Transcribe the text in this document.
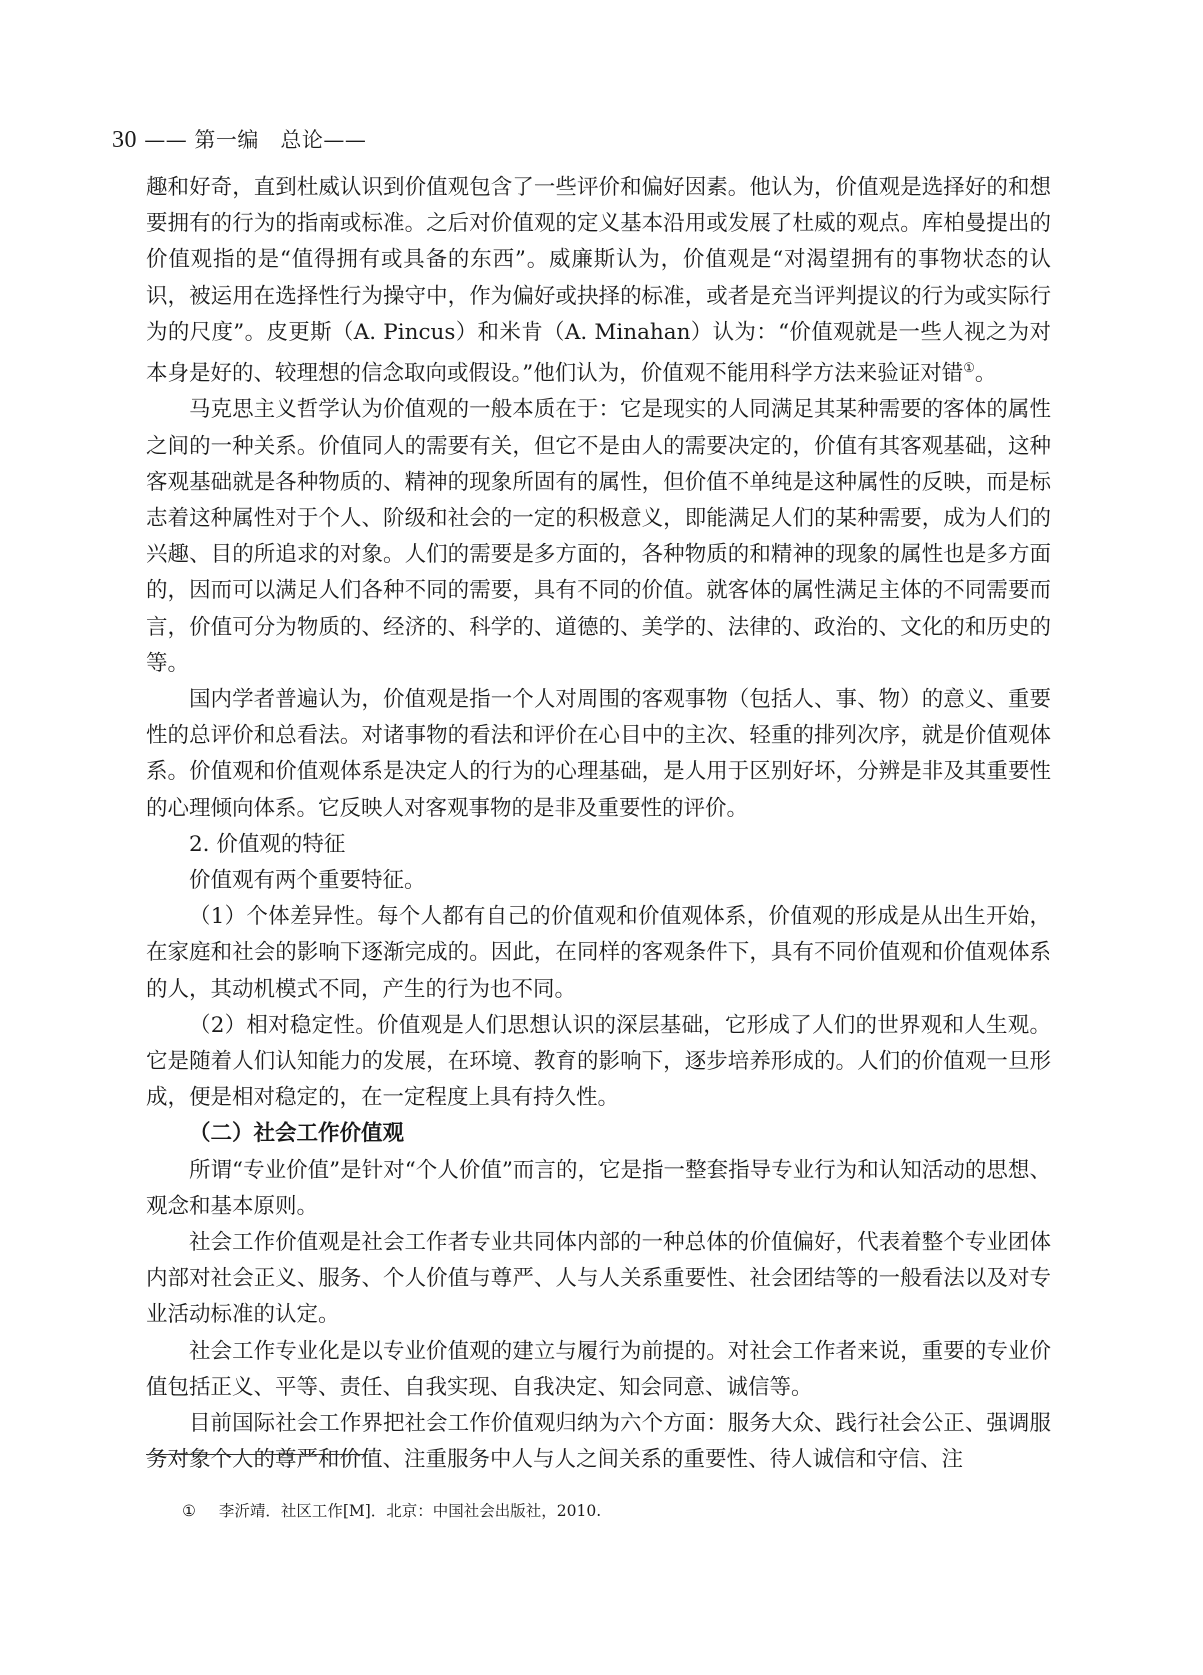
30 —— 第一编　总论——

趣和好奇，直到杜威认识到价值观包含了一些评价和偏好因素。他认为，价值观是选择好的和想要拥有的行为的指南或标准。之后对价值观的定义基本沿用或发展了杜威的观点。库柏曼提出的价值观指的是“值得拥有或具备的东西”。威廉斯认为，价值观是“对渴望拥有的事物状态的认识，被运用在选择性行为操守中，作为偏好或抉择的标准，或者是充当评判提议的行为或实际行为的尺度”。皮更斯（A. Pincus）和米肯（A. Minahan）认为：“价值观就是一些人视之为对本身是好的、较理想的信念取向或假设。”他们认为，价值观不能用科学方法来验证对错①。

马克思主义哲学认为价值观的一般本质在于：它是现实的人同满足其某种需要的客体的属性之间的一种关系。价值同人的需要有关，但它不是由人的需要决定的，价值有其客观基础，这种客观基础就是各种物质的、精神的现象所固有的属性，但价值不单纯是这种属性的反映，而是标志着这种属性对于个人、阶级和社会的一定的积极意义，即能满足人们的某种需要，成为人们的兴趣、目的所追求的对象。人们的需要是多方面的，各种物质的和精神的现象的属性也是多方面的，因而可以满足人们各种不同的需要，具有不同的价值。就客体的属性满足主体的不同需要而言，价值可分为物质的、经济的、科学的、道德的、美学的、法律的、政治的、文化的和历史的等。

国内学者普遍认为，价值观是指一个人对周围的客观事物（包括人、事、物）的意义、重要性的总评价和总看法。对诸事物的看法和评价在心目中的主次、轻重的排列次序，就是价值观体系。价值观和价值观体系是决定人的行为的心理基础，是人用于区别好坏，分辨是非及其重要性的心理倾向体系。它反映人对客观事物的是非及重要性的评价。

2. 价值观的特征

价值观有两个重要特征。

（1）个体差异性。每个人都有自己的价值观和价值观体系，价值观的形成是从出生开始，在家庭和社会的影响下逐渐完成的。因此，在同样的客观条件下，具有不同价值观和价值观体系的人，其动机模式不同，产生的行为也不同。

（2）相对稳定性。价值观是人们思想认识的深层基础，它形成了人们的世界观和人生观。它是随着人们认知能力的发展，在环境、教育的影响下，逐步培养形成的。人们的价值观一旦形成，便是相对稳定的，在一定程度上具有持久性。

（二）社会工作价值观

所谓“专业价值”是针对“个人价值”而言的，它是指一整套指导专业行为和认知活动的思想、观念和基本原则。

社会工作价值观是社会工作者专业共同体内部的一种总体的价值偏好，代表着整个专业团体内部对社会正义、服务、个人价值与尊严、人与人关系重要性、社会团结等的一般看法以及对专业活动标准的认定。

社会工作专业化是以专业价值观的建立与履行为前提的。对社会工作者来说，重要的专业价值包括正义、平等、责任、自我实现、自我决定、知会同意、诚信等。

目前国际社会工作界把社会工作价值观归纳为六个方面：服务大众、践行社会公正、强调服务对象个人的尊严和价值、注重服务中人与人之间关系的重要性、待人诚信和守信、注

① 李沂靖．社区工作[M]．北京：中国社会出版社，2010.
